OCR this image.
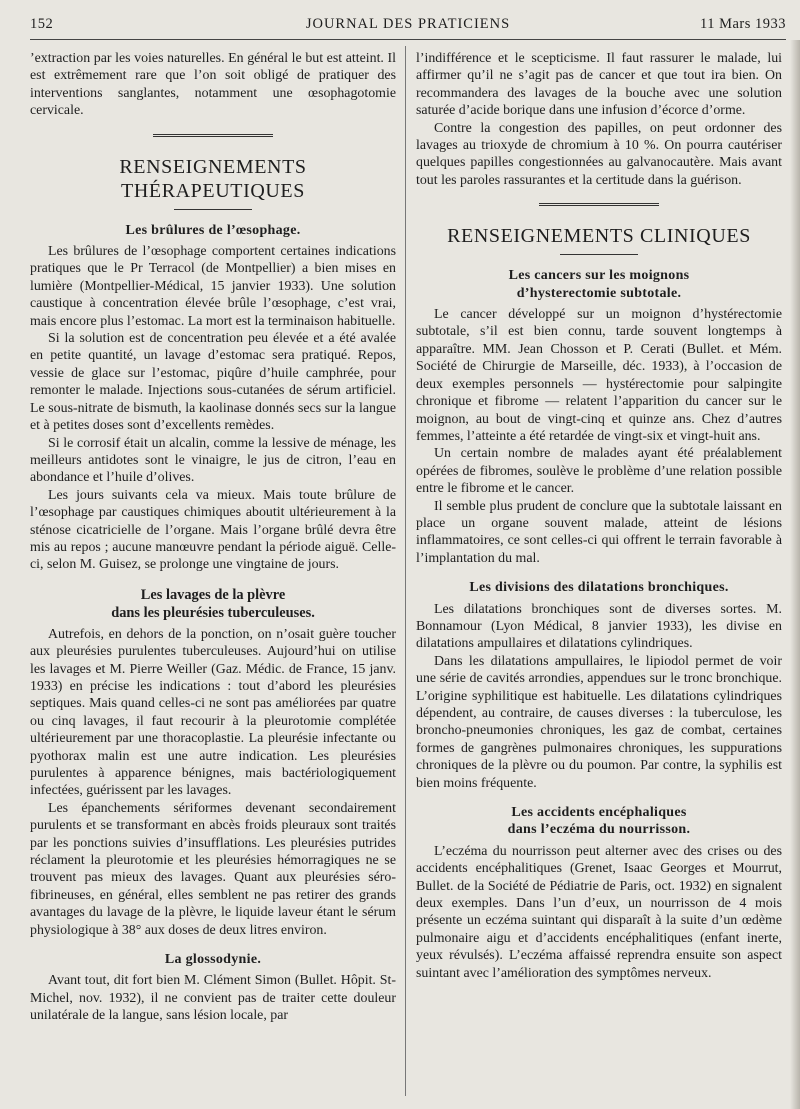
152	JOURNAL DES PRATICIENS	11 Mars 1933

’extraction par les voies naturelles. En général le but est atteint. Il est extrêmement rare que l’on soit obligé de pratiquer des interventions sanglantes, notamment une œsophagotomie cervicale.

RENSEIGNEMENTS THÉRAPEUTIQUES
Les brûlures de l’œsophage.

Les brûlures de l’œsophage comportent certaines indications pratiques que le Pr Terracol (de Montpellier) a bien mises en lumière (Montpellier-Médical, 15 janvier 1933). Une solution caustique à concentration élevée brûle l’œsophage, c’est vrai, mais encore plus l’estomac. La mort est la terminaison habituelle.

Si la solution est de concentration peu élevée et a été avalée en petite quantité, un lavage d’estomac sera pratiqué. Repos, vessie de glace sur l’estomac, piqûre d’huile camphrée, pour remonter le malade. Injections sous-cutanées de sérum artificiel. Le sous-nitrate de bismuth, la kaolinase donnés secs sur la langue et à petites doses sont d’excellents remèdes.

Si le corrosif était un alcalin, comme la lessive de ménage, les meilleurs antidotes sont le vinaigre, le jus de citron, l’eau en abondance et l’huile d’olives.

Les jours suivants cela va mieux. Mais toute brûlure de l’œsophage par caustiques chimiques aboutit ultérieurement à la sténose cicatricielle de l’organe. Mais l’organe brûlé devra être mis au repos ; aucune manœuvre pendant la période aiguë. Celle-ci, selon M. Guisez, se prolonge une vingtaine de jours.

Les lavages de la plèvre
dans les pleurésies tuberculeuses.

Autrefois, en dehors de la ponction, on n’osait guère toucher aux pleurésies purulentes tuberculeuses. Aujourd’hui on utilise les lavages et M. Pierre Weiller (Gaz. Médic. de France, 15 janv. 1933) en précise les indications : tout d’abord les pleurésies septiques. Mais quand celles-ci ne sont pas améliorées par quatre ou cinq lavages, il faut recourir à la pleurotomie complétée ultérieurement par une thoracoplastie. La pleurésie infectante ou pyothorax malin est une autre indication. Les pleurésies purulentes à apparence bénignes, mais bactériologiquement infectées, guérissent par les lavages.

Les épanchements sériformes devenant secondairement purulents et se transformant en abcès froids pleuraux sont traités par les ponctions suivies d’insufflations. Les pleurésies putrides réclament la pleurotomie et les pleurésies hémorragiques ne se trouvent pas mieux des lavages. Quant aux pleurésies séro-fibrineuses, en général, elles semblent ne pas retirer des grands avantages du lavage de la plèvre, le liquide laveur étant le sérum physiologique à 38° aux doses de deux litres environ.

La glossodynie.

Avant tout, dit fort bien M. Clément Simon (Bullet. Hôpit. St-Michel, nov. 1932), il ne convient pas de traiter cette douleur unilatérale de la langue, sans lésion locale, par

l’indifférence et le scepticisme. Il faut rassurer le malade, lui affirmer qu’il ne s’agit pas de cancer et que tout ira bien. On recommandera des lavages de la bouche avec une solution saturée d’acide borique dans une infusion d’écorce d’orme.

Contre la congestion des papilles, on peut ordonner des lavages au trioxyde de chromium à 10 %. On pourra cautériser quelques papilles congestionnées au galvanocautère. Mais avant tout les paroles rassurantes et la certitude dans la guérison.

RENSEIGNEMENTS CLINIQUES
Les cancers sur les moignons
d’hysterectomie subtotale.

Le cancer développé sur un moignon d’hystérectomie subtotale, s’il est bien connu, tarde souvent longtemps à apparaître. MM. Jean Chosson et P. Cerati (Bullet. et Mém. Société de Chirurgie de Marseille, déc. 1933), à l’occasion de deux exemples personnels — hystérectomie pour salpingite chronique et fibrome — relatent l’apparition du cancer sur le moignon, au bout de vingt-cinq et quinze ans. Chez d’autres femmes, l’atteinte a été retardée de vingt-six et vingt-huit ans.

Un certain nombre de malades ayant été préalablement opérées de fibromes, soulève le problème d’une relation possible entre le fibrome et le cancer.

Il semble plus prudent de conclure que la subtotale laissant en place un organe souvent malade, atteint de lésions inflammatoires, ce sont celles-ci qui offrent le terrain favorable à l’implantation du mal.

Les divisions des dilatations bronchiques.

Les dilatations bronchiques sont de diverses sortes. M. Bonnamour (Lyon Médical, 8 janvier 1933), les divise en dilatations ampullaires et dilatations cylindriques.

Dans les dilatations ampullaires, le lipiodol permet de voir une série de cavités arrondies, appendues sur le tronc bronchique. L’origine syphilitique est habituelle. Les dilatations cylindriques dépendent, au contraire, de causes diverses : la tuberculose, les broncho-pneumonies chroniques, les gaz de combat, certaines formes de gangrènes pulmonaires chroniques, les suppurations chroniques de la plèvre ou du poumon. Par contre, la syphilis est bien moins fréquente.

Les accidents encéphaliques
dans l’eczéma du nourrisson.

L’eczéma du nourrisson peut alterner avec des crises ou des accidents encéphalitiques (Grenet, Isaac Georges et Mourrut, Bullet. de la Société de Pédiatrie de Paris, oct. 1932) en signalent deux exemples. Dans l’un d’eux, un nourrisson de 4 mois présente un eczéma suintant qui disparaît à la suite d’un œdème pulmonaire aigu et d’accidents encéphalitiques (enfant inerte, yeux révulsés). L’eczéma affaissé reprendra ensuite son aspect suintant avec l’amélioration des symptômes nerveux.
